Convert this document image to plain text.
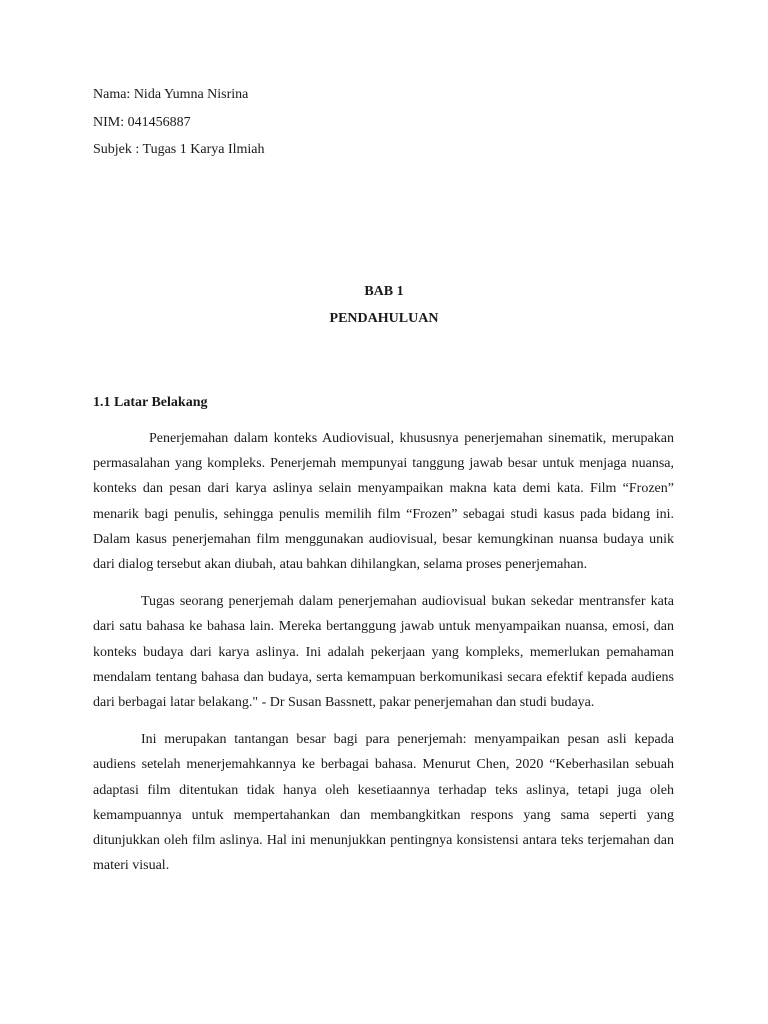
Nama: Nida Yumna Nisrina
NIM: 041456887
Subjek : Tugas 1 Karya Ilmiah
BAB 1
PENDAHULUAN
1.1 Latar Belakang

Penerjemahan dalam konteks Audiovisual, khususnya penerjemahan sinematik, merupakan permasalahan yang kompleks. Penerjemah mempunyai tanggung jawab besar untuk menjaga nuansa, konteks dan pesan dari karya aslinya selain menyampaikan makna kata demi kata. Film “Frozen” menarik bagi penulis, sehingga penulis memilih film “Frozen” sebagai studi kasus pada bidang ini. Dalam kasus penerjemahan film menggunakan audiovisual, besar kemungkinan nuansa budaya unik dari dialog tersebut akan diubah, atau bahkan dihilangkan, selama proses penerjemahan.

Tugas seorang penerjemah dalam penerjemahan audiovisual bukan sekedar mentransfer kata dari satu bahasa ke bahasa lain. Mereka bertanggung jawab untuk menyampaikan nuansa, emosi, dan konteks budaya dari karya aslinya. Ini adalah pekerjaan yang kompleks, memerlukan pemahaman mendalam tentang bahasa dan budaya, serta kemampuan berkomunikasi secara efektif kepada audiens dari berbagai latar belakang." - Dr Susan Bassnett, pakar penerjemahan dan studi budaya.

Ini merupakan tantangan besar bagi para penerjemah: menyampaikan pesan asli kepada audiens setelah menerjemahkannya ke berbagai bahasa. Menurut Chen, 2020 “Keberhasilan sebuah adaptasi film ditentukan tidak hanya oleh kesetiaannya terhadap teks aslinya, tetapi juga oleh kemampuannya untuk mempertahankan dan membangkitkan respons yang sama seperti yang ditunjukkan oleh film aslinya. Hal ini menunjukkan pentingnya konsistensi antara teks terjemahan dan materi visual.
